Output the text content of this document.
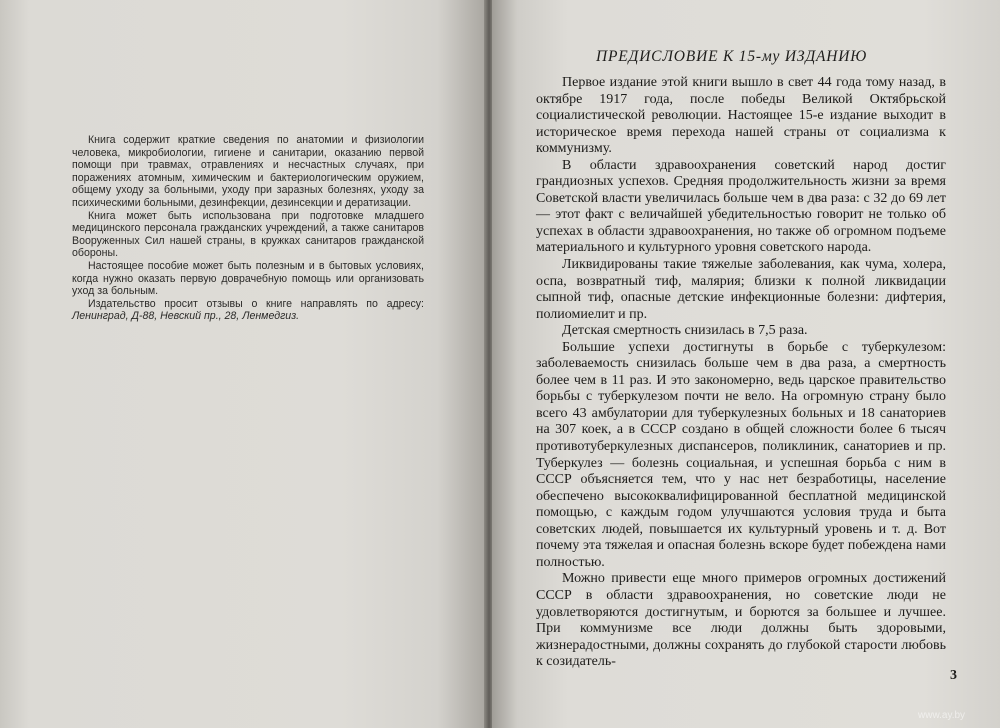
Книга содержит краткие сведения по анатомии и физиологии человека, микробиологии, гигиене и санитарии, оказанию первой помощи при травмах, отравлениях и несчастных случаях, при поражениях атомным, химическим и бактериологическим оружием, общему уходу за больными, уходу при заразных болезнях, уходу за психическими больными, дезинфекции, дезинсекции и дератизации.

Книга может быть использована при подготовке младшего медицинского персонала гражданских учреждений, а также санитаров Вооруженных Сил нашей страны, в кружках санитаров гражданской обороны.

Настоящее пособие может быть полезным и в бытовых условиях, когда нужно оказать первую доврачебную помощь или организовать уход за больным.

Издательство просит отзывы о книге направлять по адресу: Ленинград, Д-88, Невский пр., 28, Ленмедгиз.

ПРЕДИСЛОВИЕ К 15-му ИЗДАНИЮ

Первое издание этой книги вышло в свет 44 года тому назад, в октябре 1917 года, после победы Великой Октябрьской социалистической революции. Настоящее 15-е издание выходит в историческое время перехода нашей страны от социализма к коммунизму.

В области здравоохранения советский народ достиг грандиозных успехов. Средняя продолжительность жизни за время Советской власти увеличилась больше чем в два раза: с 32 до 69 лет — этот факт с величайшей убедительностью говорит не только об успехах в области здравоохранения, но также об огромном подъеме материального и культурного уровня советского народа.

Ликвидированы такие тяжелые заболевания, как чума, холера, оспа, возвратный тиф, малярия; близки к полной ликвидации сыпной тиф, опасные детские инфекционные болезни: дифтерия, полиомиелит и пр.

Детская смертность снизилась в 7,5 раза.

Большие успехи достигнуты в борьбе с туберкулезом: заболеваемость снизилась больше чем в два раза, а смертность более чем в 11 раз. И это закономерно, ведь царское правительство борьбы с туберкулезом почти не вело. На огромную страну было всего 43 амбулатории для туберкулезных больных и 18 санаториев на 307 коек, а в СССР создано в общей сложности более 6 тысяч противотуберкулезных диспансеров, поликлиник, санаториев и пр. Туберкулез — болезнь социальная, и успешная борьба с ним в СССР объясняется тем, что у нас нет безработицы, население обеспечено высококвалифицированной бесплатной медицинской помощью, с каждым годом улучшаются условия труда и быта советских людей, повышается их культурный уровень и т. д. Вот почему эта тяжелая и опасная болезнь вскоре будет побеждена нами полностью.

Можно привести еще много примеров огромных достижений СССР в области здравоохранения, но советские люди не удовлетворяются достигнутым, и борются за большее и лучшее. При коммунизме все люди должны быть здоровыми, жизнерадостными, должны сохранять до глубокой старости любовь к созидатель-

3
www.ay.by
